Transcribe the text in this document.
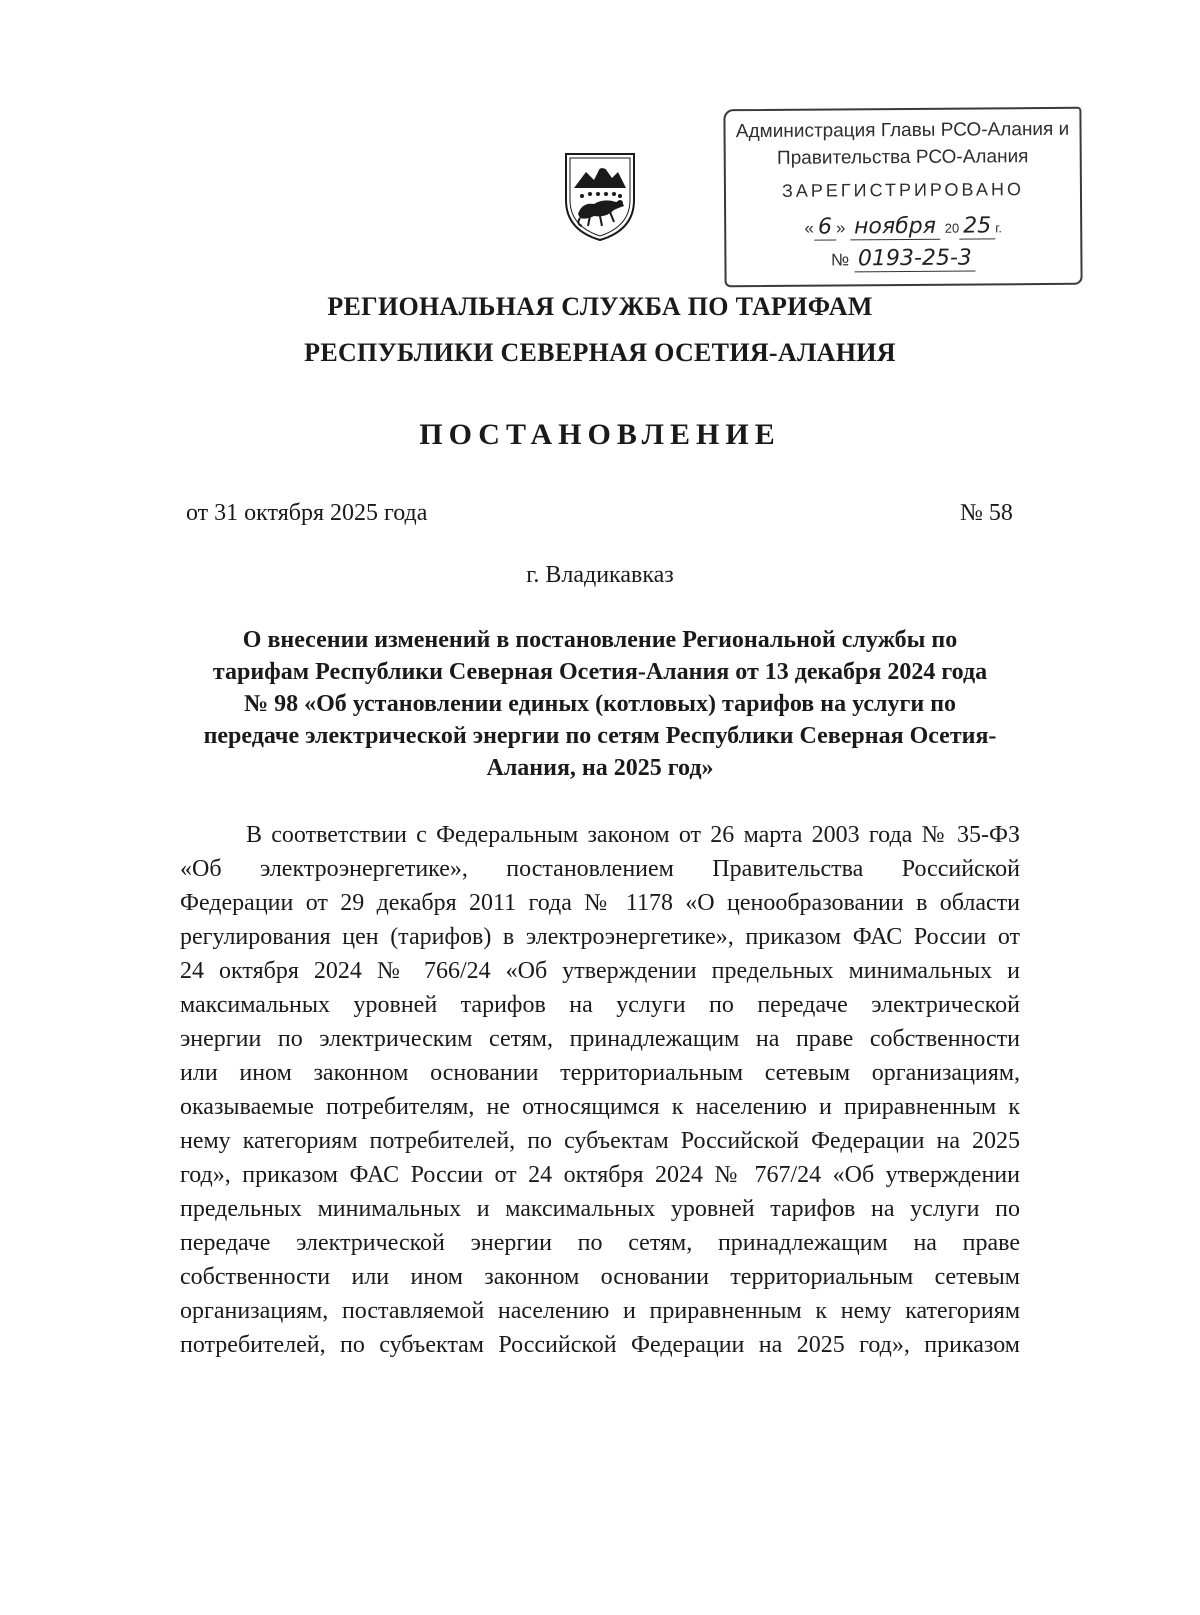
Администрация Главы РСО-Алания и
Правительства РСО-Алания
ЗАРЕГИСТРИРОВАНО
« 6 » ноября 20 25 г.
№ 0193-25-3
РЕГИОНАЛЬНАЯ СЛУЖБА ПО ТАРИФАМ
РЕСПУБЛИКИ СЕВЕРНАЯ ОСЕТИЯ-АЛАНИЯ
ПОСТАНОВЛЕНИЕ
от 31 октября 2025 года	№ 58
г. Владикавказ
О внесении изменений в постановление Региональной службы по
тарифам Республики Северная Осетия-Алания от 13 декабря 2024 года
№ 98 «Об установлении единых (котловых) тарифов на услуги по
передаче электрической энергии по сетям Республики Северная Осетия-
Алания, на 2025 год»
В соответствии с Федеральным законом от 26 марта 2003 года № 35-ФЗ
«Об электроэнергетике», постановлением Правительства Российской
Федерации от 29 декабря 2011 года № 1178 «О ценообразовании в области
регулирования цен (тарифов) в электроэнергетике», приказом ФАС России от
24 октября 2024 № 766/24 «Об утверждении предельных минимальных и
максимальных уровней тарифов на услуги по передаче электрической
энергии по электрическим сетям, принадлежащим на праве собственности
или ином законном основании территориальным сетевым организациям,
оказываемые потребителям, не относящимся к населению и приравненным к
нему категориям потребителей, по субъектам Российской Федерации на 2025
год», приказом ФАС России от 24 октября 2024 № 767/24 «Об утверждении
предельных минимальных и максимальных уровней тарифов на услуги по
передаче электрической энергии по сетям, принадлежащим на праве
собственности или ином законном основании территориальным сетевым
организациям, поставляемой населению и приравненным к нему категориям
потребителей, по субъектам Российской Федерации на 2025 год», приказом
